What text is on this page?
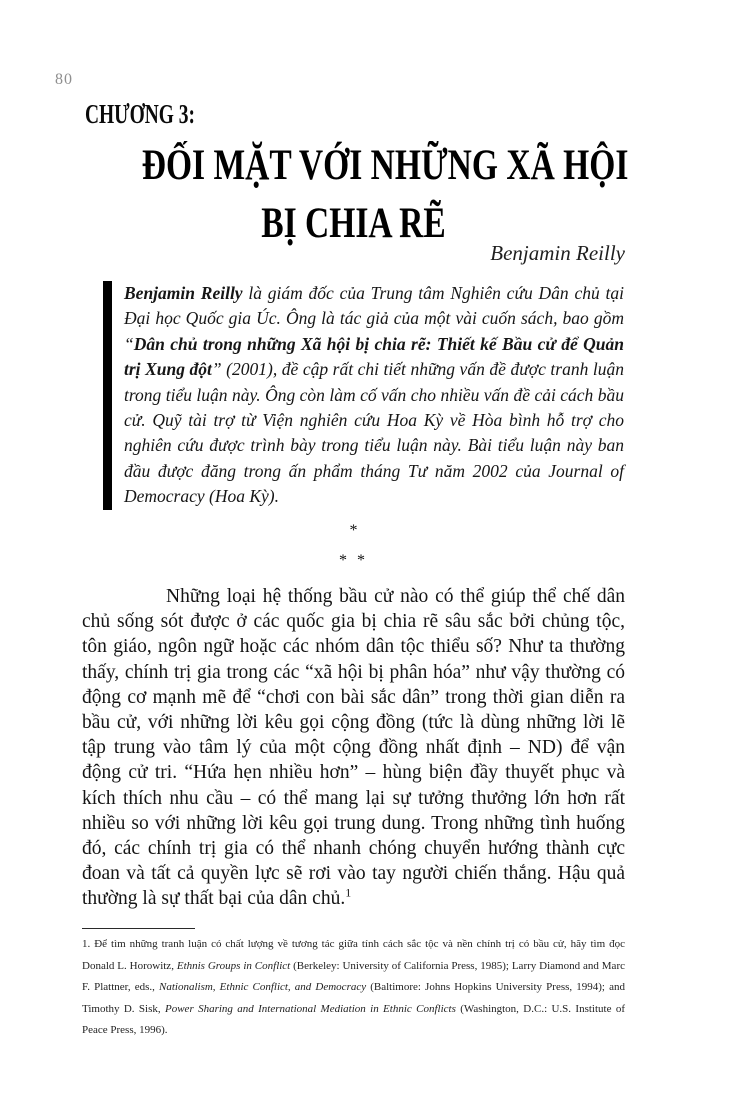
80
CHƯƠNG 3:
ĐỐI MẶT VỚI NHỮNG XÃ HỘI
BỊ CHIA RẼ
Benjamin Reilly

Benjamin Reilly là giám đốc của Trung tâm Nghiên cứu Dân chủ tại Đại học Quốc gia Úc. Ông là tác giả của một vài cuốn sách, bao gồm “Dân chủ trong những Xã hội bị chia rẽ: Thiết kế Bầu cử để Quản trị Xung đột” (2001), đề cập rất chi tiết những vấn đề được tranh luận trong tiểu luận này. Ông còn làm cố vấn cho nhiều vấn đề cải cách bầu cử. Quỹ tài trợ từ Viện nghiên cứu Hoa Kỳ về Hòa bình hỗ trợ cho nghiên cứu được trình bày trong tiểu luận này. Bài tiểu luận này ban đầu được đăng trong ấn phẩm tháng Tư năm 2002 của Journal of Democracy (Hoa Kỳ).

*
* *

Những loại hệ thống bầu cử nào có thể giúp thể chế dân chủ sống sót được ở các quốc gia bị chia rẽ sâu sắc bởi chủng tộc, tôn giáo, ngôn ngữ hoặc các nhóm dân tộc thiểu số? Như ta thường thấy, chính trị gia trong các “xã hội bị phân hóa” như vậy thường có động cơ mạnh mẽ để “chơi con bài sắc dân” trong thời gian diễn ra bầu cử, với những lời kêu gọi cộng đồng (tức là dùng những lời lẽ tập trung vào tâm lý của một cộng đồng nhất định – ND) để vận động cử tri. “Hứa hẹn nhiều hơn” – hùng biện đầy thuyết phục và kích thích nhu cầu – có thể mang lại sự tưởng thưởng lớn hơn rất nhiều so với những lời kêu gọi trung dung. Trong những tình huống đó, các chính trị gia có thể nhanh chóng chuyển hướng thành cực đoan và tất cả quyền lực sẽ rơi vào tay người chiến thắng. Hậu quả thường là sự thất bại của dân chủ.$^1$

1. Để tìm những tranh luận có chất lượng về tương tác giữa tính cách sắc tộc và nền chính trị có bầu cử, hãy tìm đọc Donald L. Horowitz, Ethnis Groups in Conflict (Berkeley: University of California Press, 1985); Larry Diamond and Marc F. Plattner, eds., Nationalism, Ethnic Conflict, and Democracy (Baltimore: Johns Hopkins University Press, 1994); and Timothy D. Sisk, Power Sharing and International Mediation in Ethnic Conflicts (Washington, D.C.: U.S. Institute of Peace Press, 1996).
